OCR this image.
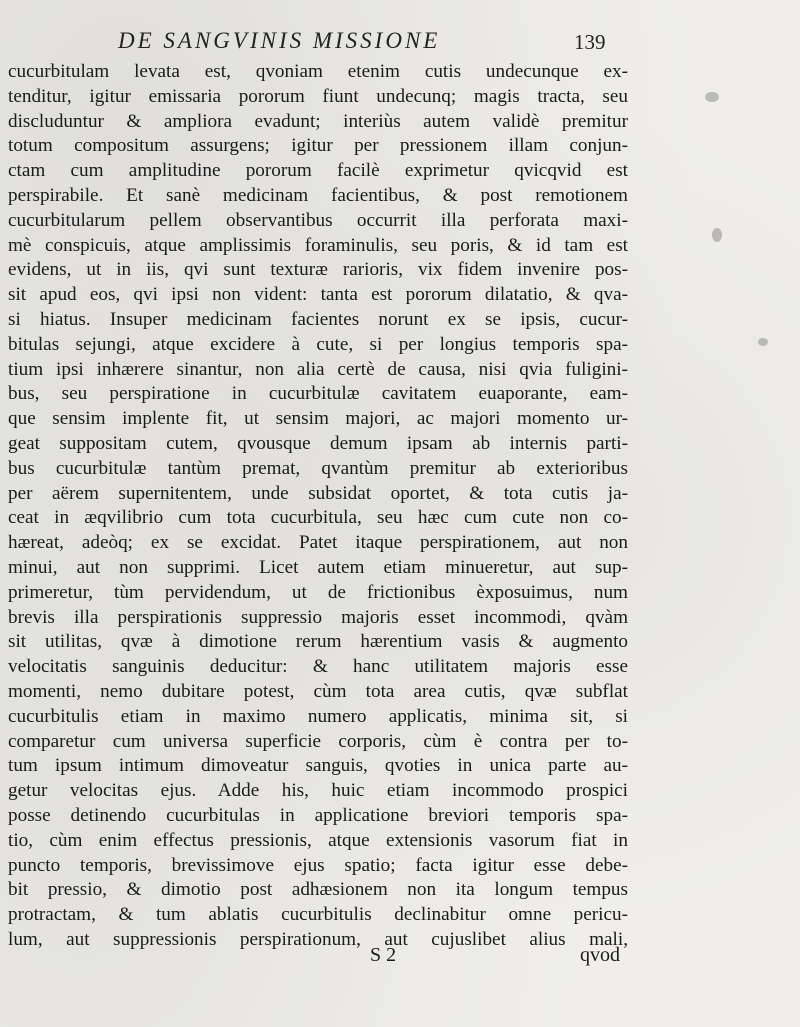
DE SANGVINIS MISSIONE	139
cucurbitulam levata est, qvoniam etenim cutis undecunque ex-
tenditur, igitur emissaria pororum fiunt undecunq; magis tracta, seu
discluduntur & ampliora evadunt; interiùs autem validè premitur
totum compositum assurgens; igitur per pressionem illam conjun-
ctam cum amplitudine pororum facilè exprimetur qvicqvid est
perspirabile. Et sanè medicinam facientibus, & post remotionem
cucurbitularum pellem observantibus occurrit illa perforata maxi-
mè conspicuis, atque amplissimis foraminulis, seu poris, & id tam est
evidens, ut in iis, qvi sunt texturæ rarioris, vix fidem invenire pos-
sit apud eos, qvi ipsi non vident: tanta est pororum dilatatio, & qva-
si hiatus. Insuper medicinam facientes norunt ex se ipsis, cucur-
bitulas sejungi, atque excidere à cute, si per longius temporis spa-
tium ipsi inhærere sinantur, non alia certè de causa, nisi qvia fuligini-
bus, seu perspiratione in cucurbitulæ cavitatem euaporante, eam-
que sensim implente fit, ut sensim majori, ac majori momento ur-
geat suppositam cutem, qvousque demum ipsam ab internis parti-
bus cucurbitulæ tantùm premat, qvantùm premitur ab exterioribus
per aërem supernitentem, unde subsidat oportet, & tota cutis ja-
ceat in æqvilibrio cum tota cucurbitula, seu hæc cum cute non co-
hæreat, adeòq; ex se excidat. Patet itaque perspirationem, aut non
minui, aut non supprimi. Licet autem etiam minueretur, aut sup-
primeretur, tùm pervidendum, ut de frictionibus èxposuimus, num
brevis illa perspirationis suppressio majoris esset incommodi, qvàm
sit utilitas, qvæ à dimotione rerum hærentium vasis & augmento
velocitatis sanguinis deducitur: & hanc utilitatem majoris esse
momenti, nemo dubitare potest, cùm tota area cutis, qvæ subflat
cucurbitulis etiam in maximo numero applicatis, minima sit, si
comparetur cum universa superficie corporis, cùm è contra per to-
tum ipsum intimum dimoveatur sanguis, qvoties in unica parte au-
getur velocitas ejus. Adde his, huic etiam incommodo prospici
posse detinendo cucurbitulas in applicatione breviori temporis spa-
tio, cùm enim effectus pressionis, atque extensionis vasorum fiat in
puncto temporis, brevissimove ejus spatio; facta igitur esse debe-
bit pressio, & dimotio post adhæsionem non ita longum tempus
protractam, & tum ablatis cucurbitulis declinabitur omne pericu-
lum, aut suppressionis perspirationum, aut cujuslibet alius mali,
S 2	qvod
